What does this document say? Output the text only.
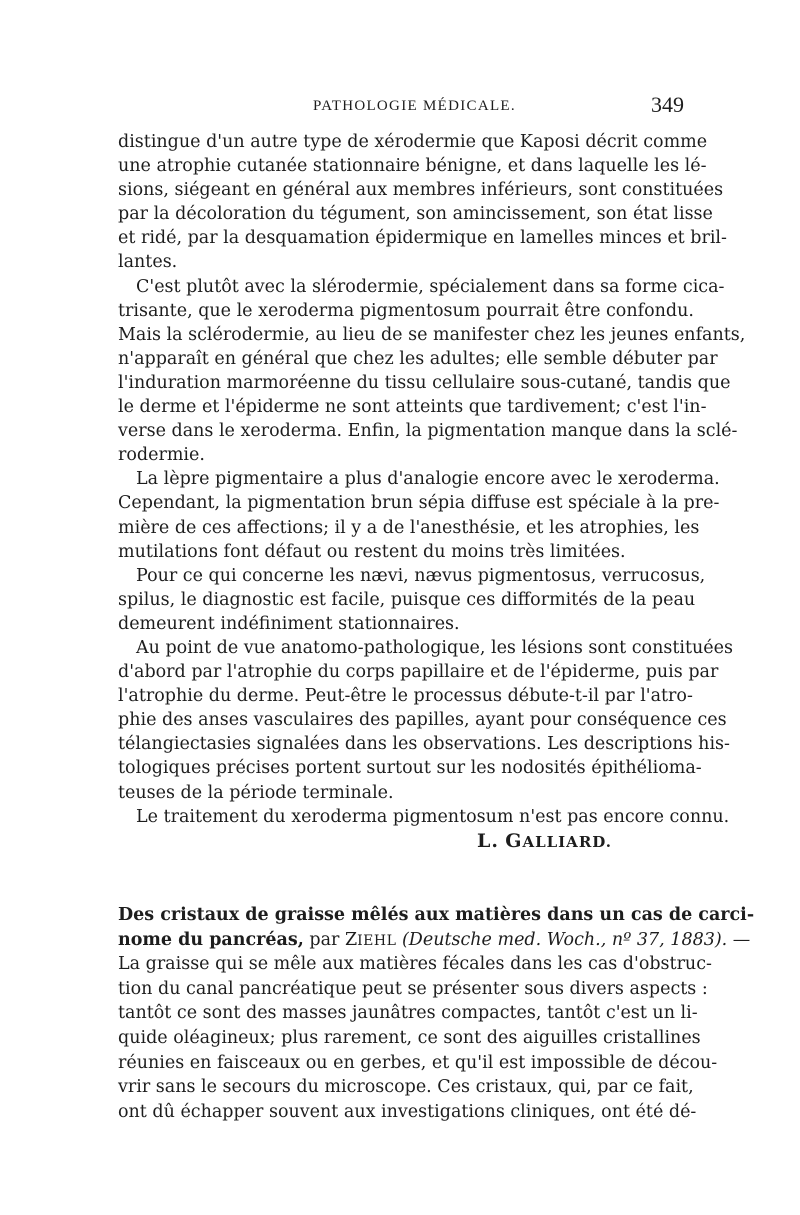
PATHOLOGIE MÉDICALE.	349
distingue d'un autre type de xérodermie que Kaposi décrit comme
une atrophie cutanée stationnaire bénigne, et dans laquelle les lé-
sions, siégeant en général aux membres inférieurs, sont constituées
par la décoloration du tégument, son amincissement, son état lisse
et ridé, par la desquamation épidermique en lamelles minces et bril-
lantes.
C'est plutôt avec la slérodermie, spécialement dans sa forme cica-
trisante, que le xeroderma pigmentosum pourrait être confondu.
Mais la sclérodermie, au lieu de se manifester chez les jeunes enfants,
n'apparaît en général que chez les adultes; elle semble débuter par
l'induration marmoréenne du tissu cellulaire sous-cutané, tandis que
le derme et l'épiderme ne sont atteints que tardivement; c'est l'in-
verse dans le xeroderma. Enfin, la pigmentation manque dans la sclé-
rodermie.
La lèpre pigmentaire a plus d'analogie encore avec le xeroderma.
Cependant, la pigmentation brun sépia diffuse est spéciale à la pre-
mière de ces affections; il y a de l'anesthésie, et les atrophies, les
mutilations font défaut ou restent du moins très limitées.
Pour ce qui concerne les nævi, nævus pigmentosus, verrucosus,
spilus, le diagnostic est facile, puisque ces difformités de la peau
demeurent indéfiniment stationnaires.
Au point de vue anatomo-pathologique, les lésions sont constituées
d'abord par l'atrophie du corps papillaire et de l'épiderme, puis par
l'atrophie du derme. Peut-être le processus débute-t-il par l'atro-
phie des anses vasculaires des papilles, ayant pour conséquence ces
télangiectasies signalées dans les observations. Les descriptions his-
tologiques précises portent surtout sur les nodosités épithélioma-
teuses de la période terminale.
Le traitement du xeroderma pigmentosum n'est pas encore connu.
L. GALLIARD.
Des cristaux de graisse mêlés aux matières dans un cas de carci-
nome du pancréas, par ZIEHL (Deutsche med. Woch., nº 37, 1883). —
La graisse qui se mêle aux matières fécales dans les cas d'obstruc-
tion du canal pancréatique peut se présenter sous divers aspects :
tantôt ce sont des masses jaunâtres compactes, tantôt c'est un li-
quide oléagineux; plus rarement, ce sont des aiguilles cristallines
réunies en faisceaux ou en gerbes, et qu'il est impossible de décou-
vrir sans le secours du microscope. Ces cristaux, qui, par ce fait,
ont dû échapper souvent aux investigations cliniques, ont été dé-
